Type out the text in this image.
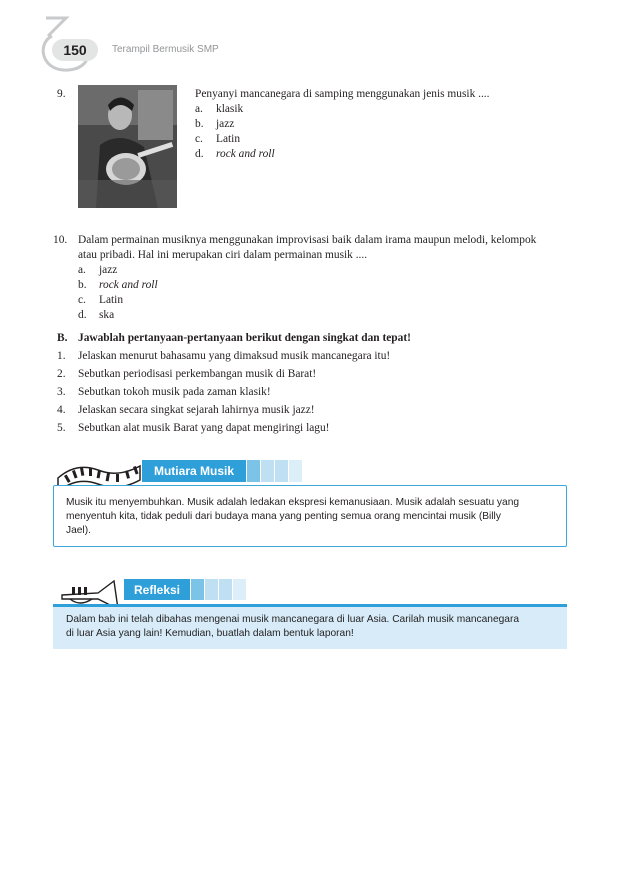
150	Terampil Bermusik SMP
9.	Penyanyi mancanegara di samping menggunakan jenis musik ....
a. klasik
b. jazz
c. Latin
d. rock and roll
10. Dalam permainan musiknya menggunakan improvisasi baik dalam irama maupun melodi, kelompok
atau pribadi. Hal ini merupakan ciri dalam permainan musik ....
a. jazz
b. rock and roll
c. Latin
d. ska
B. Jawablah pertanyaan-pertanyaan berikut dengan singkat dan tepat!
1. Jelaskan menurut bahasamu yang dimaksud musik mancanegara itu!
2. Sebutkan periodisasi perkembangan musik di Barat!
3. Sebutkan tokoh musik pada zaman klasik!
4. Jelaskan secara singkat sejarah lahirnya musik jazz!
5. Sebutkan alat musik Barat yang dapat mengiringi lagu!
Mutiara Musik
Musik itu menyembuhkan. Musik adalah ledakan ekspresi kemanusiaan. Musik adalah sesuatu yang
menyentuh kita, tidak peduli dari budaya mana yang penting semua orang mencintai musik (Billy
Jael).
Refleksi
Dalam bab ini telah dibahas mengenai musik mancanegara di luar Asia. Carilah musik mancanegara
di luar Asia yang lain! Kemudian, buatlah dalam bentuk laporan!
